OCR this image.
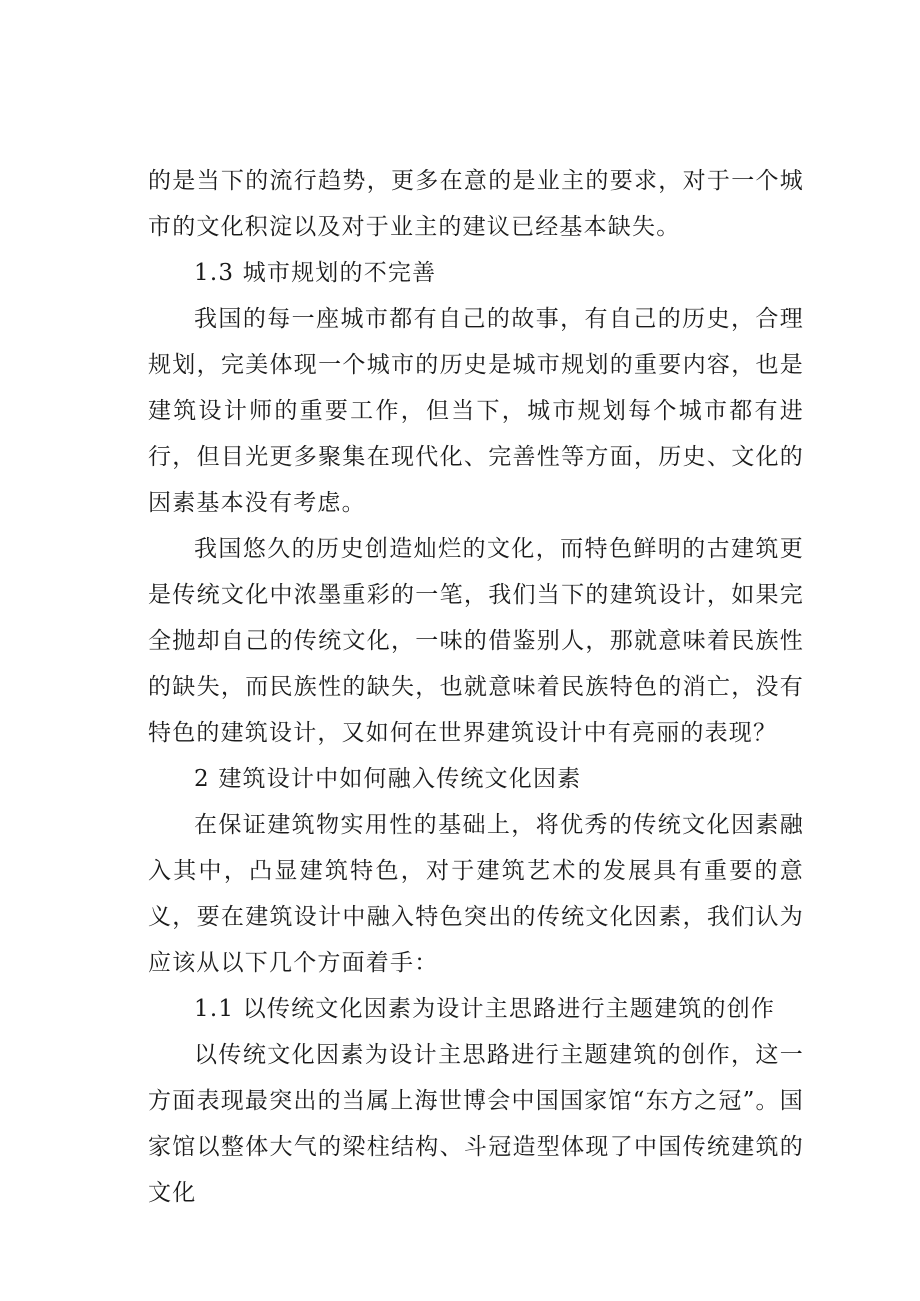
的是当下的流行趋势，更多在意的是业主的要求，对于一个城市的文化积淀以及对于业主的建议已经基本缺失。

1.3 城市规划的不完善

我国的每一座城市都有自己的故事，有自己的历史，合理规划，完美体现一个城市的历史是城市规划的重要内容，也是建筑设计师的重要工作，但当下，城市规划每个城市都有进行，但目光更多聚集在现代化、完善性等方面，历史、文化的因素基本没有考虑。

我国悠久的历史创造灿烂的文化，而特色鲜明的古建筑更是传统文化中浓墨重彩的一笔，我们当下的建筑设计，如果完全抛却自己的传统文化，一味的借鉴别人，那就意味着民族性的缺失，而民族性的缺失，也就意味着民族特色的消亡，没有特色的建筑设计，又如何在世界建筑设计中有亮丽的表现？

2 建筑设计中如何融入传统文化因素

在保证建筑物实用性的基础上，将优秀的传统文化因素融入其中，凸显建筑特色，对于建筑艺术的发展具有重要的意义，要在建筑设计中融入特色突出的传统文化因素，我们认为应该从以下几个方面着手：

1.1 以传统文化因素为设计主思路进行主题建筑的创作

以传统文化因素为设计主思路进行主题建筑的创作，这一方面表现最突出的当属上海世博会中国国家馆“东方之冠”。国家馆以整体大气的梁柱结构、斗冠造型体现了中国传统建筑的文化
